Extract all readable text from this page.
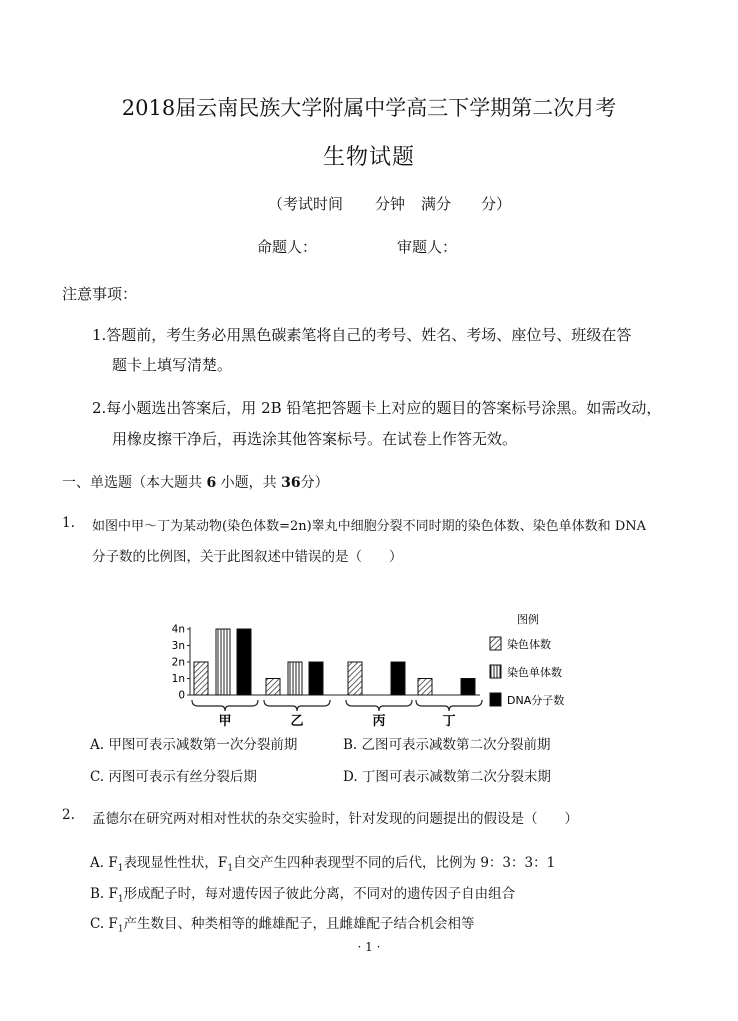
2018届云南民族大学附属中学高三下学期第二次月考
生物试题
（考试时间 分钟 满分 分）
命题人：	审题人：
注意事项：
1.答题前，考生务必用黑色碳素笔将自己的考号、姓名、考场、座位号、班级在答
题卡上填写清楚。
2.每小题选出答案后，用 2B 铅笔把答题卡上对应的题目的答案标号涂黑。如需改动，
用橡皮擦干净后，再选涂其他答案标号。在试卷上作答无效。
一、单选题（本大题共 6 小题，共 36分）
1. 如图中甲～丁为某动物(染色体数=2n)睾丸中细胞分裂不同时期的染色体数、染色单体数和 DNA
分子数的比例图，关于此图叙述中错误的是（　　）
4n
3n
2n
1n
0
甲	乙	丙	丁
图例
染色体数
染色单体数
DNA分子数
A. 甲图可表示减数第一次分裂前期	B. 乙图可表示减数第二次分裂前期
C. 丙图可表示有丝分裂后期	D. 丁图可表示减数第二次分裂末期
2. 孟德尔在研究两对相对性状的杂交实验时，针对发现的问题提出的假设是（　　）
A. $F_1$表现显性性状，$F_1$自交产生四种表现型不同的后代，比例为 9：3：3：1
B. $F_1$形成配子时，每对遗传因子彼此分离，不同对的遗传因子自由组合
C. $F_1$产生数目、种类相等的雌雄配子，且雌雄配子结合机会相等
· 1 ·
